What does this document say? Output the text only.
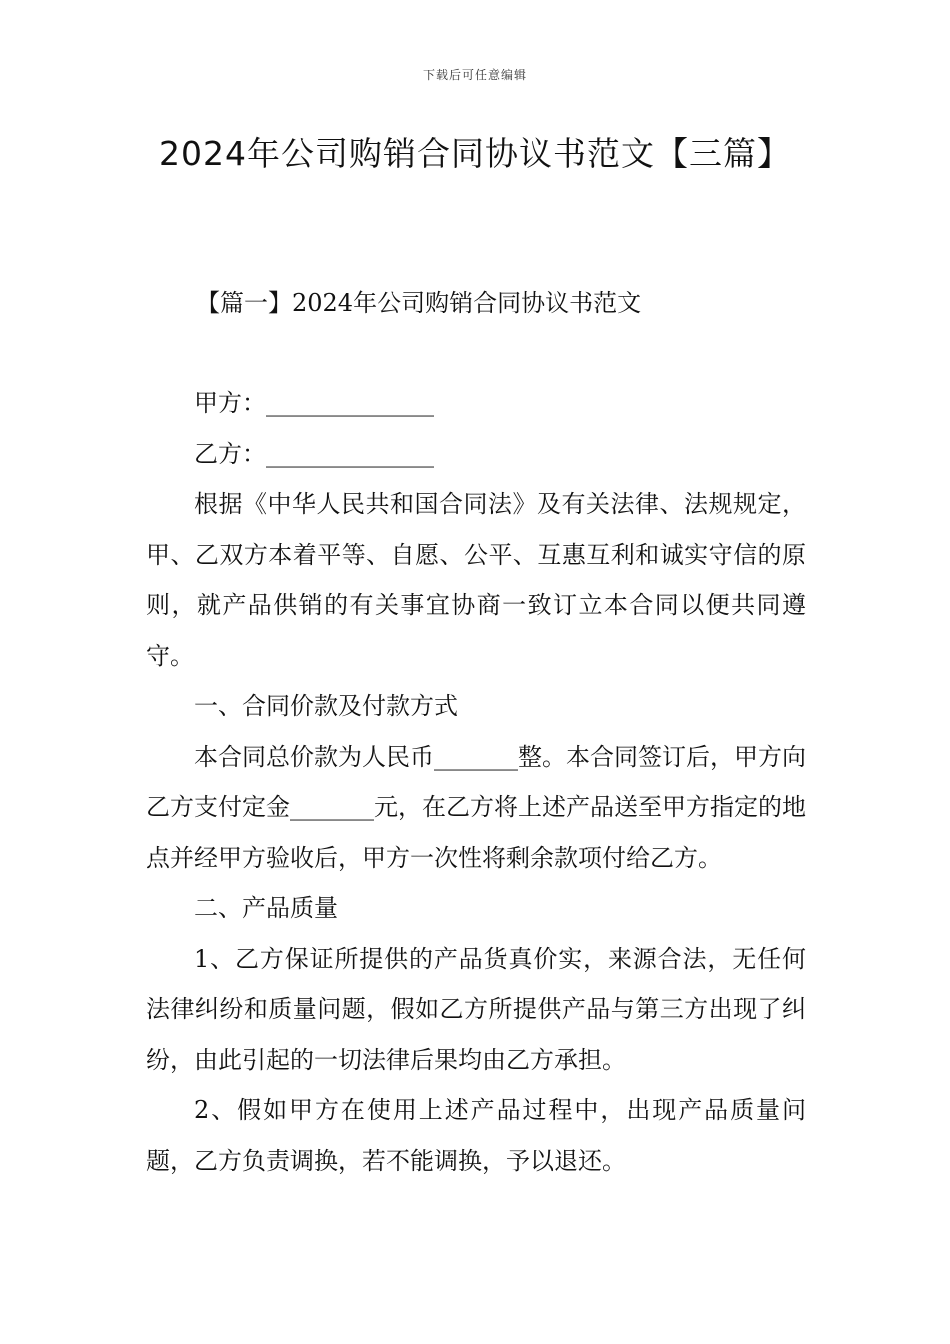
下载后可任意编辑
2024年公司购销合同协议书范文【三篇】
【篇一】2024年公司购销合同协议书范文

甲方：______________

乙方：______________

根据《中华人民共和国合同法》及有关法律、法规规定，甲、乙双方本着平等、自愿、公平、互惠互利和诚实守信的原则，就产品供销的有关事宜协商一致订立本合同以便共同遵守。

一、合同价款及付款方式

本合同总价款为人民币_______整。本合同签订后，甲方向乙方支付定金_______元，在乙方将上述产品送至甲方指定的地点并经甲方验收后，甲方一次性将剩余款项付给乙方。

二、产品质量

1、乙方保证所提供的产品货真价实，来源合法，无任何法律纠纷和质量问题，假如乙方所提供产品与第三方出现了纠纷，由此引起的一切法律后果均由乙方承担。

2、假如甲方在使用上述产品过程中，出现产品质量问题，乙方负责调换，若不能调换，予以退还。
